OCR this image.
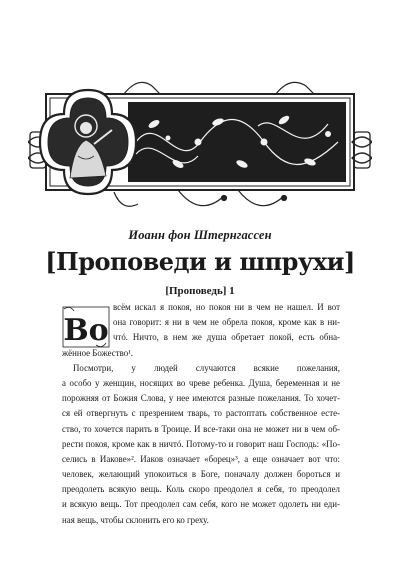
Иоанн фон Штернгассен
[Проповеди и шпрухи]
[Проповедь] 1
Во
всём искал я покоя, но покоя ни в чем не нашел. И вот
она говорит: я ни в чем не обрела покоя, кроме как в ни-
чтó. Ничто, в нем же душа обретает покой, есть обна-
жённое Божество¹.
Посмотри, у людей случаются всякие пожелания,
а особо у женщин, носящих во чреве ребенка. Душа, беременная и не
порожняя от Божия Слова, у нее имеются разные пожелания. То хочет-
ся ей отвергнуть с презрением тварь, то растоптать собственное есте-
ство, то хочется парить в Троице. И все-таки она не может ни в чем об-
рести покоя, кроме как в ничтó. Потому-то и говорит наш Господь: «По-
селись в Иакове»². Иаков означает «борец»³, а еще означает вот что:
человек, желающий упокоиться в Боге, поначалу должен бороться и
преодолеть всякую вещь. Коль скоро преодолел я себя, то преодолел
и всякую вещь. Тот преодолел сам себя, кого не может одолеть ни еди-
ная вещь, чтобы склонить его ко греху.
